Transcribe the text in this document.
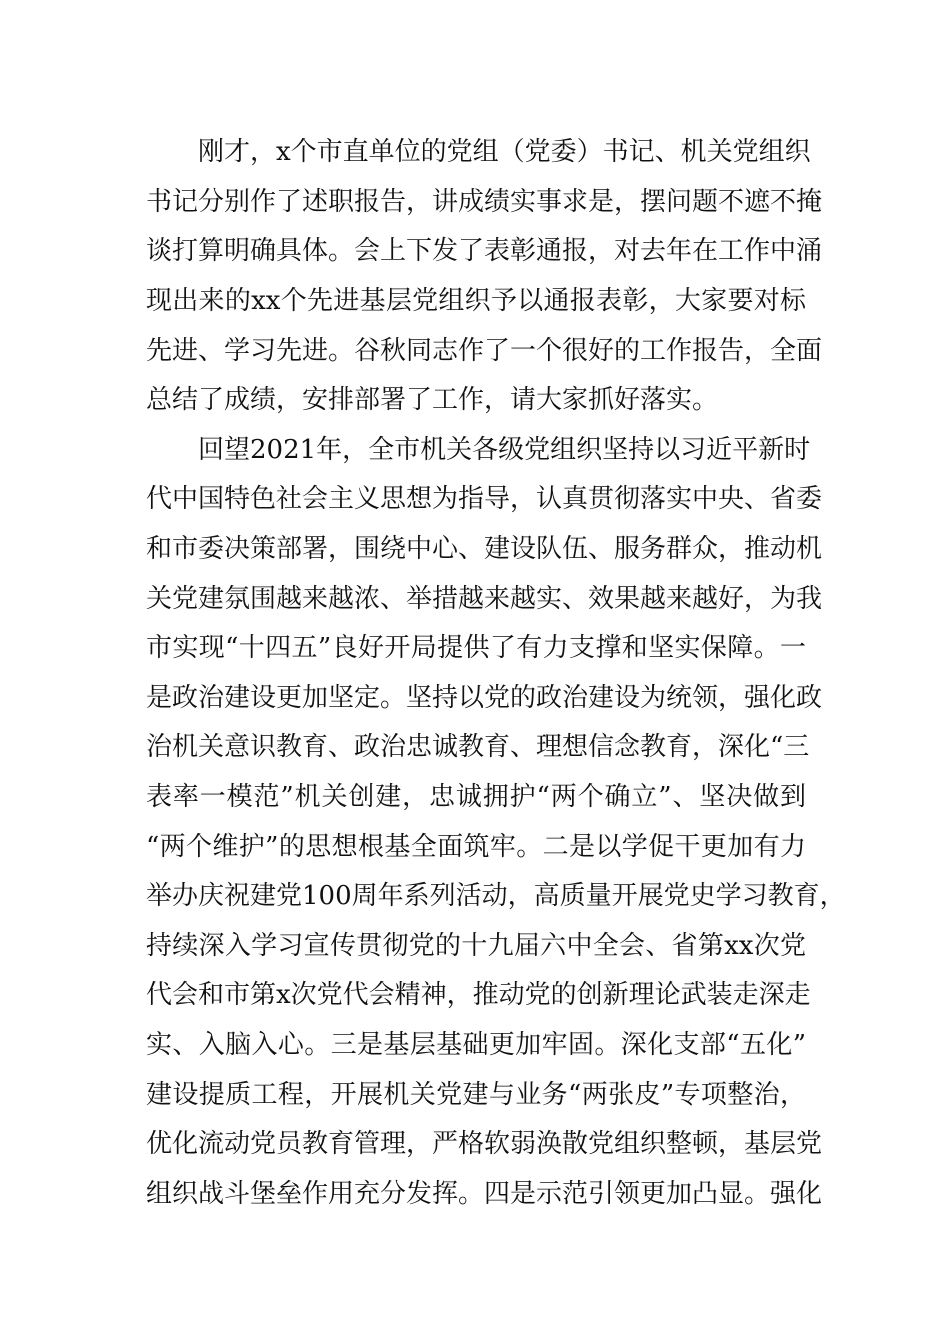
刚才，x个市直单位的党组（党委）书记、机关党组织
书记分别作了述职报告，讲成绩实事求是，摆问题不遮不掩
谈打算明确具体。会上下发了表彰通报，对去年在工作中涌
现出来的xx个先进基层党组织予以通报表彰，大家要对标
先进、学习先进。谷秋同志作了一个很好的工作报告，全面
总结了成绩，安排部署了工作，请大家抓好落实。
回望2021年，全市机关各级党组织坚持以习近平新时
代中国特色社会主义思想为指导，认真贯彻落实中央、省委
和市委决策部署，围绕中心、建设队伍、服务群众，推动机
关党建氛围越来越浓、举措越来越实、效果越来越好，为我
市实现“十四五”良好开局提供了有力支撑和坚实保障。一
是政治建设更加坚定。坚持以党的政治建设为统领，强化政
治机关意识教育、政治忠诚教育、理想信念教育，深化“三
表率一模范”机关创建，忠诚拥护“两个确立”、坚决做到
“两个维护”的思想根基全面筑牢。二是以学促干更加有力
举办庆祝建党100周年系列活动，高质量开展党史学习教育，
持续深入学习宣传贯彻党的十九届六中全会、省第xx次党
代会和市第x次党代会精神，推动党的创新理论武装走深走
实、入脑入心。三是基层基础更加牢固。深化支部“五化”
建设提质工程，开展机关党建与业务“两张皮”专项整治，
优化流动党员教育管理，严格软弱涣散党组织整顿，基层党
组织战斗堡垒作用充分发挥。四是示范引领更加凸显。强化
